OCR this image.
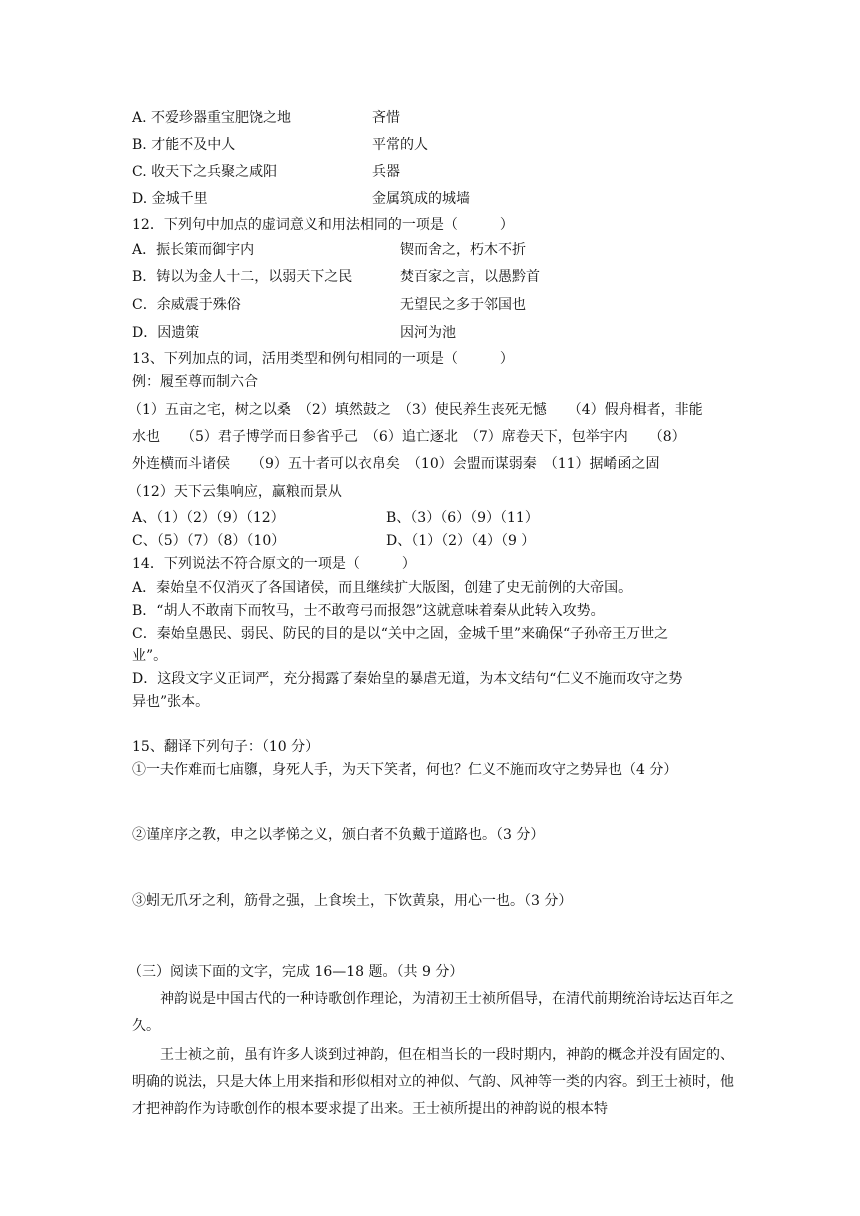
A. 不爱珍器重宝肥饶之地	吝惜
B. 才能不及中人	平常的人
C. 收天下之兵聚之咸阳	兵器
D. 金城千里	金属筑成的城墙
12．下列句中加点的虚词意义和用法相同的一项是（　　　）
A．振长策而御宇内	锲而舍之，朽木不折
B．铸以为金人十二，以弱天下之民	焚百家之言，以愚黔首
C．余威震于殊俗	无望民之多于邻国也
D．因遗策	因河为池
13、下列加点的词，活用类型和例句相同的一项是（　　　）
例：履至尊而制六合
（1）五亩之宅，树之以桑　（2）填然鼓之　（3）使民养生丧死无憾　　（4）假舟楫者，非能
水也　　（5）君子博学而日参省乎己　（6）追亡逐北　（7）席卷天下，包举宇内　　（8）
外连横而斗诸侯　　（9）五十者可以衣帛矣　（10）会盟而谋弱秦　（11）据崤函之固
（12）天下云集响应，赢粮而景从
A、（1）（2）（9）（12）	B、（3）（6）（9）（11）
C、（5）（7）（8）（10）	D、（1）（2）（4）（9 ）
14．下列说法不符合原文的一项是（　　　）
A．秦始皇不仅消灭了各国诸侯，而且继续扩大版图，创建了史无前例的大帝国。
B．“胡人不敢南下而牧马，士不敢弯弓而报怨”这就意味着秦从此转入攻势。
C．秦始皇愚民、弱民、防民的目的是以“关中之固，金城千里”来确保“子孙帝王万世之
业”。
D．这段文字义正词严，充分揭露了秦始皇的暴虐无道，为本文结句“仁义不施而攻守之势
异也”张本。
15、翻译下列句子：（10 分）
①一夫作难而七庙隳，身死人手，为天下笑者，何也？仁义不施而攻守之势异也（4 分）
②谨庠序之教，申之以孝悌之义，颁白者不负戴于道路也。（3 分）
③蚓无爪牙之利，筋骨之强，上食埃土，下饮黄泉，用心一也。（3 分）
（三）阅读下面的文字，完成 16—18 题。（共 9 分）
神韵说是中国古代的一种诗歌创作理论，为清初王士祯所倡导，在清代前期统治诗坛达百年之久。
王士祯之前，虽有许多人谈到过神韵，但在相当长的一段时期内，神韵的概念并没有固定的、明确的说法，只是大体上用来指和形似相对立的神似、气韵、风神等一类的内容。到王士祯时，他才把神韵作为诗歌创作的根本要求提了出来。王士祯所提出的神韵说的根本特
